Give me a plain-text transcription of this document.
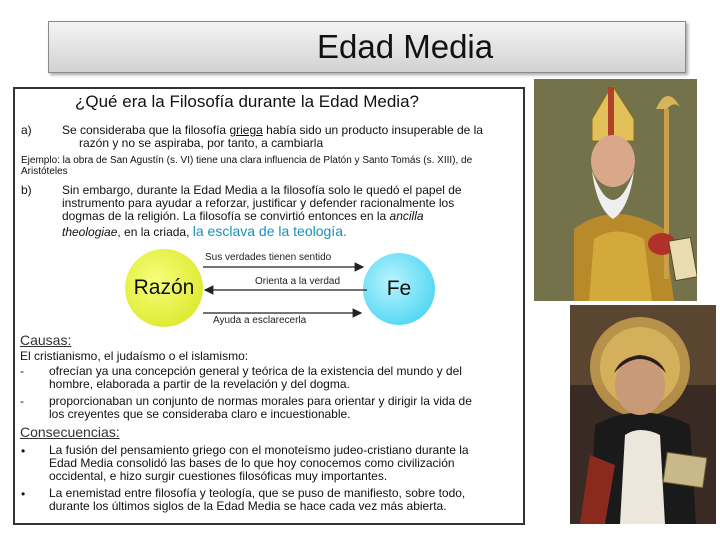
Edad Media
¿Qué era la Filosofía durante la Edad Media?
a)	Se consideraba que la filosofía griega había sido un producto insuperable de la
razón y no se aspiraba, por tanto, a cambiarla
Ejemplo: la obra de San Agustín (s. VI) tiene una clara influencia de Platón y Santo Tomás (s. XIII), de
Aristóteles
b)	Sin embargo, durante la Edad Media a la filosofía solo le quedó el papel de
instrumento para ayudar a reforzar, justificar y defender racionalmente los
dogmas de la religión. La filosofía se convirtió entonces en la ancilla
theologiae, en la criada, la esclava de la teología.
Razón	Fe
Sus verdades tienen sentido
Orienta a la verdad
Ayuda a esclarecerla
Causas:
El cristianismo, el judaísmo o el islamismo:
- ofrecían ya una concepción general y teórica de la existencia del mundo y del
hombre, elaborada a partir de la revelación y del dogma.
- proporcionaban un conjunto de normas morales para orientar y dirigir la vida de
los creyentes que se consideraba claro e incuestionable.
Consecuencias:
• La fusión del pensamiento griego con el monoteísmo judeo-cristiano durante la
Edad Media consolidó las bases de lo que hoy conocemos como civilización
occidental, e hizo surgir cuestiones filosóficas muy importantes.
• La enemistad entre filosofía y teología, que se puso de manifiesto, sobre todo,
durante los últimos siglos de la Edad Media se hace cada vez más abierta.
